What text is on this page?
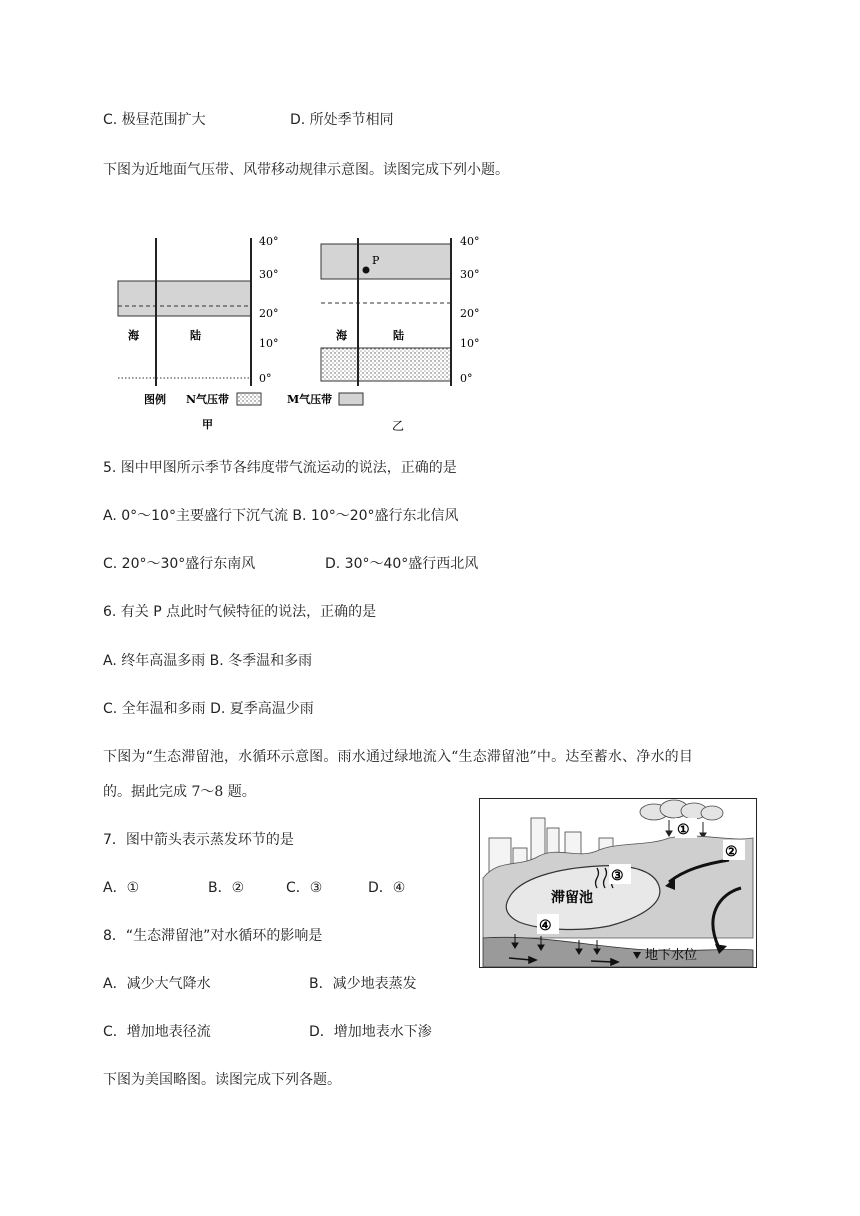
C. 极昼范围扩大	D. 所处季节相同
下图为近地面气压带、风带移动规律示意图。读图完成下列小题。
海	陆
40°
30°
20°
10°
0°
P
海	陆
40°
30°
20°
10°
0°
图例 N气压带	M气压带
甲	乙
5. 图中甲图所示季节各纬度带气流运动的说法，正确的是
A. 0°～10°主要盛行下沉气流 B. 10°～20°盛行东北信风
C. 20°～30°盛行东南风	D. 30°～40°盛行西北风
6. 有关 P 点此时气候特征的说法，正确的是
A. 终年高温多雨 B. 冬季温和多雨
C. 全年温和多雨 D. 夏季高温少雨
下图为“生态滞留池，水循环示意图。雨水通过绿地流入“生态滞留池”中。达至蓄水、净水的目
的。据此完成 7～8 题。
7．图中箭头表示蒸发环节的是
A．①	B．②	C．③	D．④
8．“生态滞留池”对水循环的影响是
A．减少大气降水	B．减少地表蒸发
C．增加地表径流	D．增加地表水下渗
下图为美国略图。读图完成下列各题。
滞留池
地下水位
①
②
③
④
